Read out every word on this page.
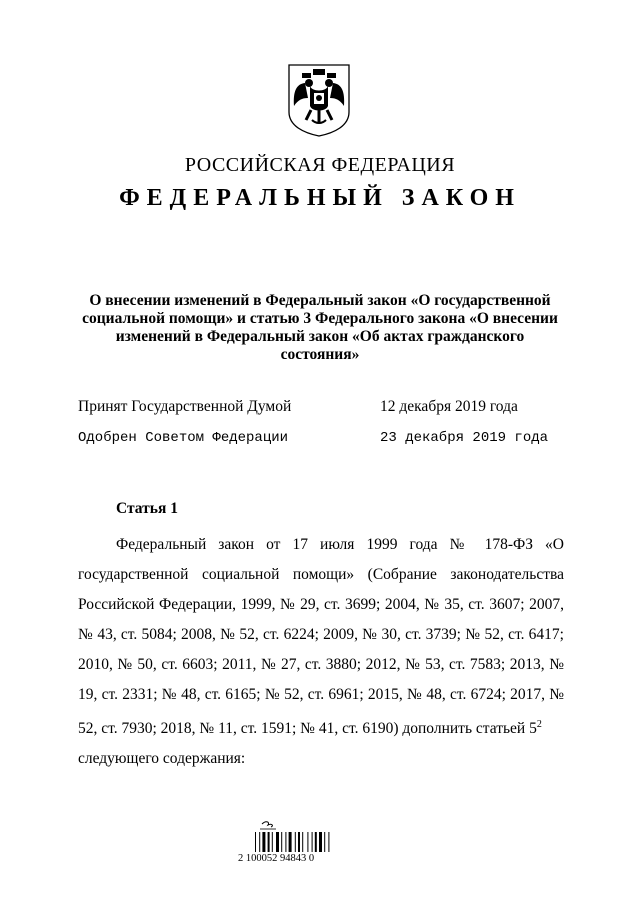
РОССИЙСКАЯ ФЕДЕРАЦИЯ
ФЕДЕРАЛЬНЫЙ ЗАКОН
О внесении изменений в Федеральный закон «О государственной
социальной помощи» и статью 3 Федерального закона «О внесении
изменений в Федеральный закон «Об актах гражданского состояния»
Принят Государственной Думой	12 декабря 2019 года
Одобрен Советом Федерации	23 декабря 2019 года
Статья 1

Федеральный закон от 17 июля 1999 года № 178-ФЗ «О государственной социальной помощи» (Собрание законодательства Российской Федерации, 1999, № 29, ст. 3699; 2004, № 35, ст. 3607; 2007, № 43, ст. 5084; 2008, № 52, ст. 6224; 2009, № 30, ст. 3739; № 52, ст. 6417; 2010, № 50, ст. 6603; 2011, № 27, ст. 3880; 2012, № 53, ст. 7583; 2013, № 19, ст. 2331; № 48, ст. 6165; № 52, ст. 6961; 2015, № 48, ст. 6724; 2017, № 52, ст. 7930; 2018, № 11, ст. 1591; № 41, ст. 6190) дополнить статьей $5^2$

следующего содержания:
2 100052 94843 0
